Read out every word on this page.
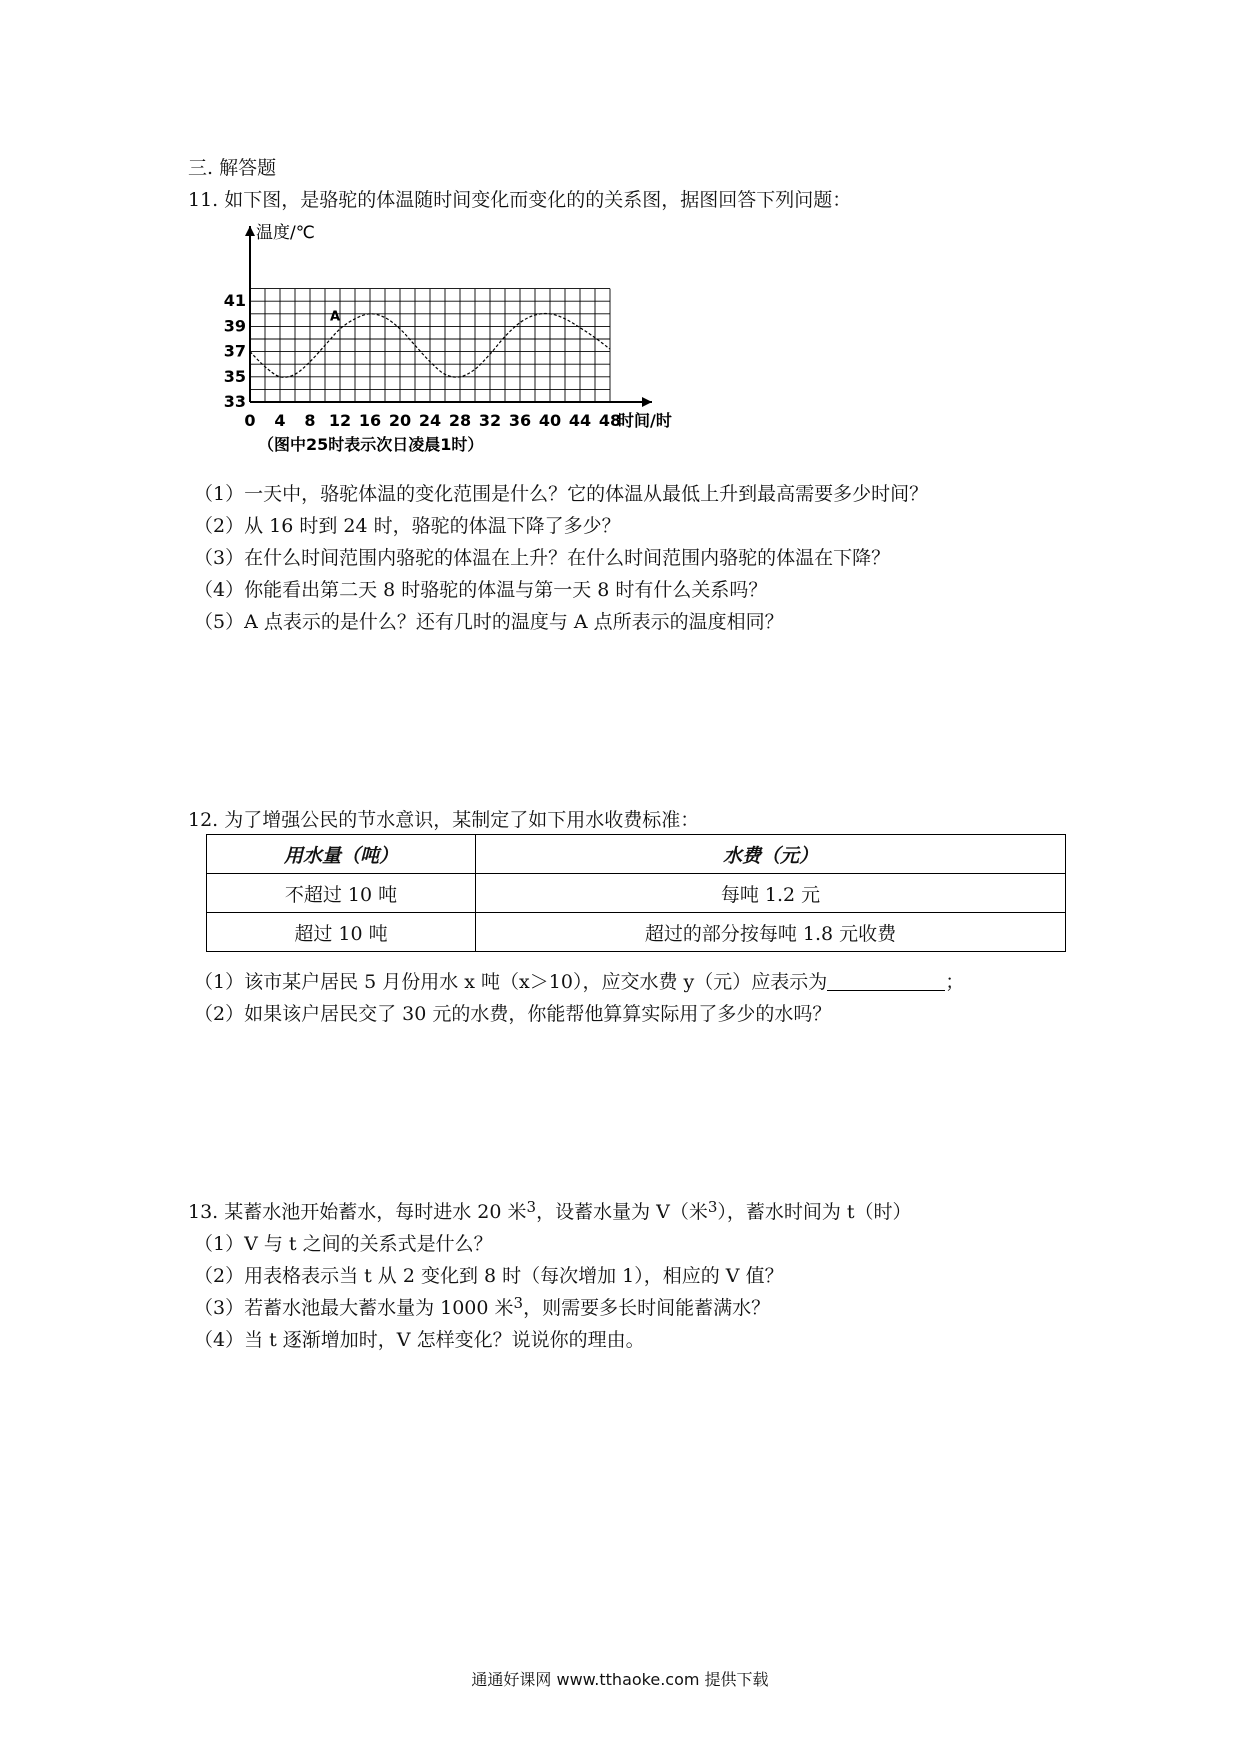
三. 解答题
11. 如下图，是骆驼的体温随时间变化而变化的的关系图，据图回答下列问题：
0 4 8 12 16 20 24 28 32 36 40 44 48
33
35
37
39
41
A
温度/℃
时间/时
（图中25时表示次日凌晨1时）
（1）一天中，骆驼体温的变化范围是什么？它的体温从最低上升到最高需要多少时间？
（2）从 16 时到 24 时，骆驼的体温下降了多少？
（3）在什么时间范围内骆驼的体温在上升？在什么时间范围内骆驼的体温在下降？
（4）你能看出第二天 8 时骆驼的体温与第一天 8 时有什么关系吗？
（5）A 点表示的是什么？还有几时的温度与 A 点所表示的温度相同？
12. 为了增强公民的节水意识，某制定了如下用水收费标准：
用水量（吨）	水费（元）
不超过 10 吨	每吨 1.2 元
超过 10 吨	超过的部分按每吨 1.8 元收费
（1）该市某户居民 5 月份用水 x 吨（x＞10），应交水费 y（元）应表示为	；
（2）如果该户居民交了 30 元的水费，你能帮他算算实际用了多少的水吗？
13. 某蓄水池开始蓄水，每时进水 20 米$^3$，设蓄水量为 V（米$^3$），蓄水时间为 t（时）
（1）V 与 t 之间的关系式是什么？
（2）用表格表示当 t 从 2 变化到 8 时（每次增加 1），相应的 V 值？
（3）若蓄水池最大蓄水量为 1000 米$^3$，则需要多长时间能蓄满水？
（4）当 t 逐渐增加时，V 怎样变化？说说你的理由。
通通好课网 www.tthaoke.com 提供下载
